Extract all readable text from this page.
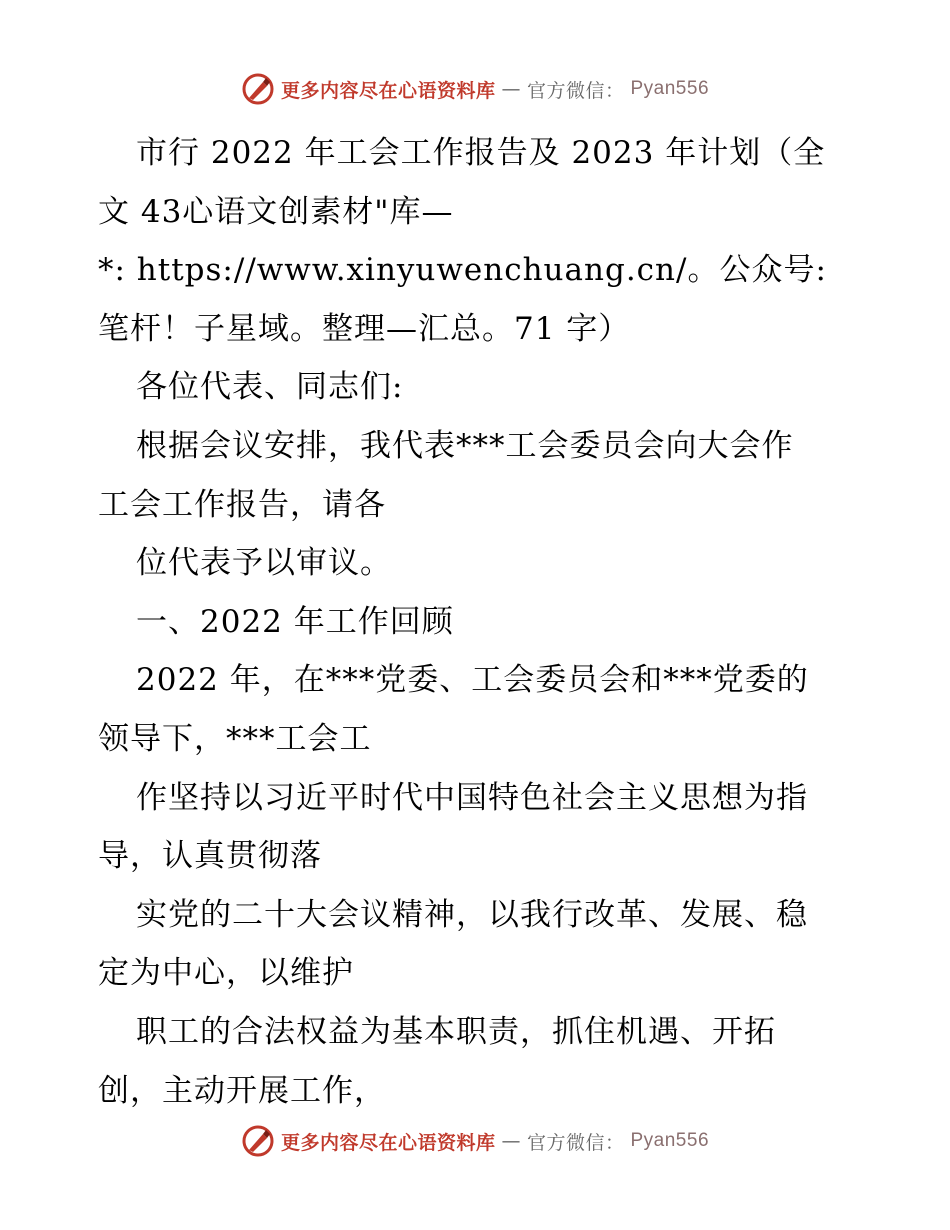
更多内容尽在心语资料库 — 官方微信： Pyan556

市行 2022 年工会工作报告及 2023 年计划（全

文 43心语文创素材"库—

*: https://www.xinyuwenchuang.cn/。公众号:

笔杆！子星域。整理—汇总。71 字）

各位代表、同志们:

根据会议安排，我代表***工会委员会向大会作

工会工作报告，请各

位代表予以审议。

一、2022 年工作回顾

2022 年，在***党委、工会委员会和***党委的

领导下，***工会工

作坚持以习近平时代中国特色社会主义思想为指

导，认真贯彻落

实党的二十大会议精神，以我行改革、发展、稳

定为中心，以维护

职工的合法权益为基本职责，抓住机遇、开拓

创，主动开展工作，

更多内容尽在心语资料库 — 官方微信： Pyan556
